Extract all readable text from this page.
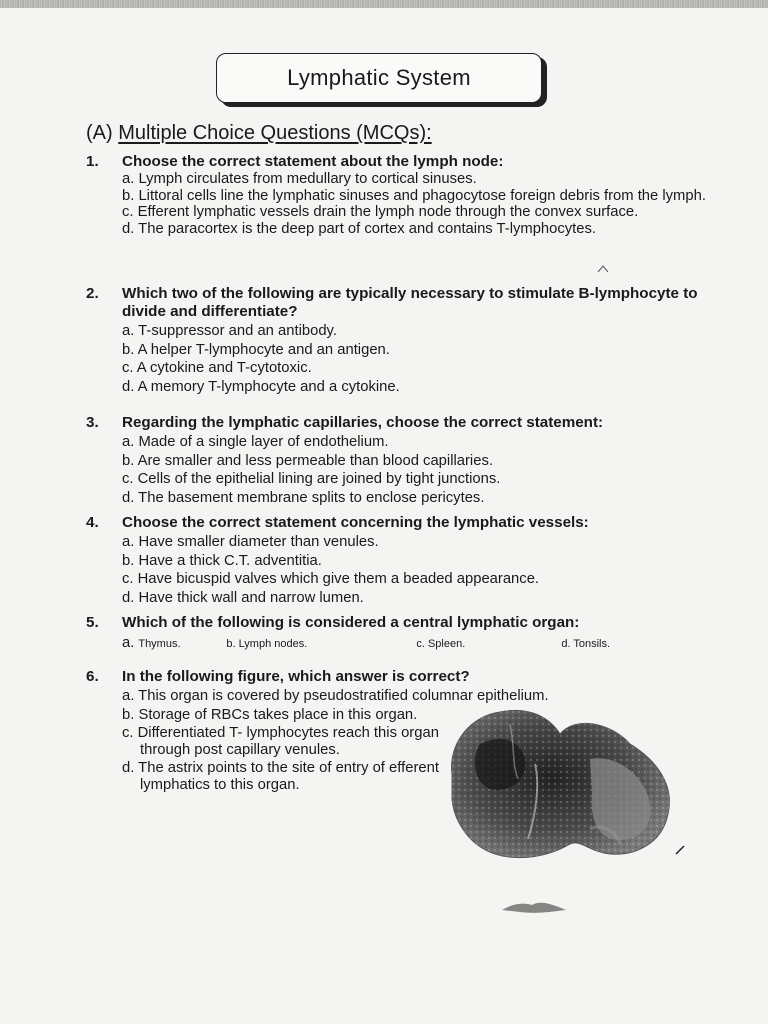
Lymphatic System
(A) Multiple Choice Questions (MCQs):
1.	Choose the correct statement about the lymph node:
a. Lymph circulates from medullary to cortical sinuses.
b. Littoral cells line the lymphatic sinuses and phagocytose foreign debris from the lymph.
c. Efferent lymphatic vessels drain the lymph node through the convex surface.
d. The paracortex is the deep part of cortex and contains T-lymphocytes.
2.	Which two of the following are typically necessary to stimulate B-lymphocyte to divide and differentiate?
a. T-suppressor and an antibody.
b. A helper T-lymphocyte and an antigen.
c. A cytokine and T-cytotoxic.
d. A memory T-lymphocyte and a cytokine.
3.	Regarding the lymphatic capillaries, choose the correct statement:
a. Made of a single layer of endothelium.
b. Are smaller and less permeable than blood capillaries.
c. Cells of the epithelial lining are joined by tight junctions.
d. The basement membrane splits to enclose pericytes.
4.	Choose the correct statement concerning the lymphatic vessels:
a. Have smaller diameter than venules.
b. Have a thick C.T. adventitia.
c. Have bicuspid valves which give them a beaded appearance.
d. Have thick wall and narrow lumen.
5.	Which of the following is considered a central lymphatic organ:
a. Thymus.	b. Lymph nodes.	c. Spleen.	d. Tonsils.
6.	In the following figure, which answer is correct?
a. This organ is covered by pseudostratified columnar epithelium.
b. Storage of RBCs takes place in this organ.
c. Differentiated T- lymphocytes reach this organ through post capillary venules.
d. The astrix points to the site of entry of efferent lymphatics to this organ.
